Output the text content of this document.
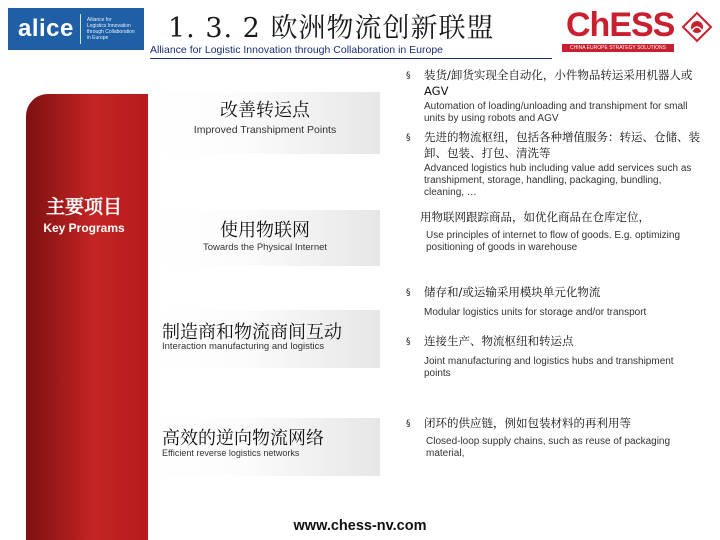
alice	Alliance for
Logistics Innovation
through Collaboration
in Europe	1. 3. 2 欧洲物流创新联盟
Alliance for Logistic Innovation through Collaboration in Europe
ChESS
CHINA EUROPE STRATEGY SOLUTIONS
主要项目
Key Programs
改善转运点
Improved Transhipment Points
使用物联网
Towards the Physical Internet
制造商和物流商间互动
Interaction manufacturing and logistics
高效的逆向物流网络
Efficient reverse logistics networks
§ 装货/卸货实现全自动化，小件物品转运采用机器人或AGV
Automation of loading/unloading and transhipment for small units by using robots and AGV
§ 先进的物流枢纽，包括各种增值服务：转运、仓储、装卸、包装、打包、清洗等
Advanced logistics hub including value add services such as transhipment, storage, handling, packaging, bundling, cleaning, …
用物联网跟踪商品，如优化商品在仓库定位，
Use principles of internet to flow of goods. E.g. optimizing positioning of goods in warehouse
§ 储存和/或运输采用模块单元化物流
Modular logistics units for storage and/or transport
§ 连接生产、物流枢纽和转运点
Joint manufacturing and logistics hubs and transhipment points
§ 闭环的供应链，例如包装材料的再利用等
Closed-loop supply chains, such as reuse of packaging material,
www.chess-nv.com
